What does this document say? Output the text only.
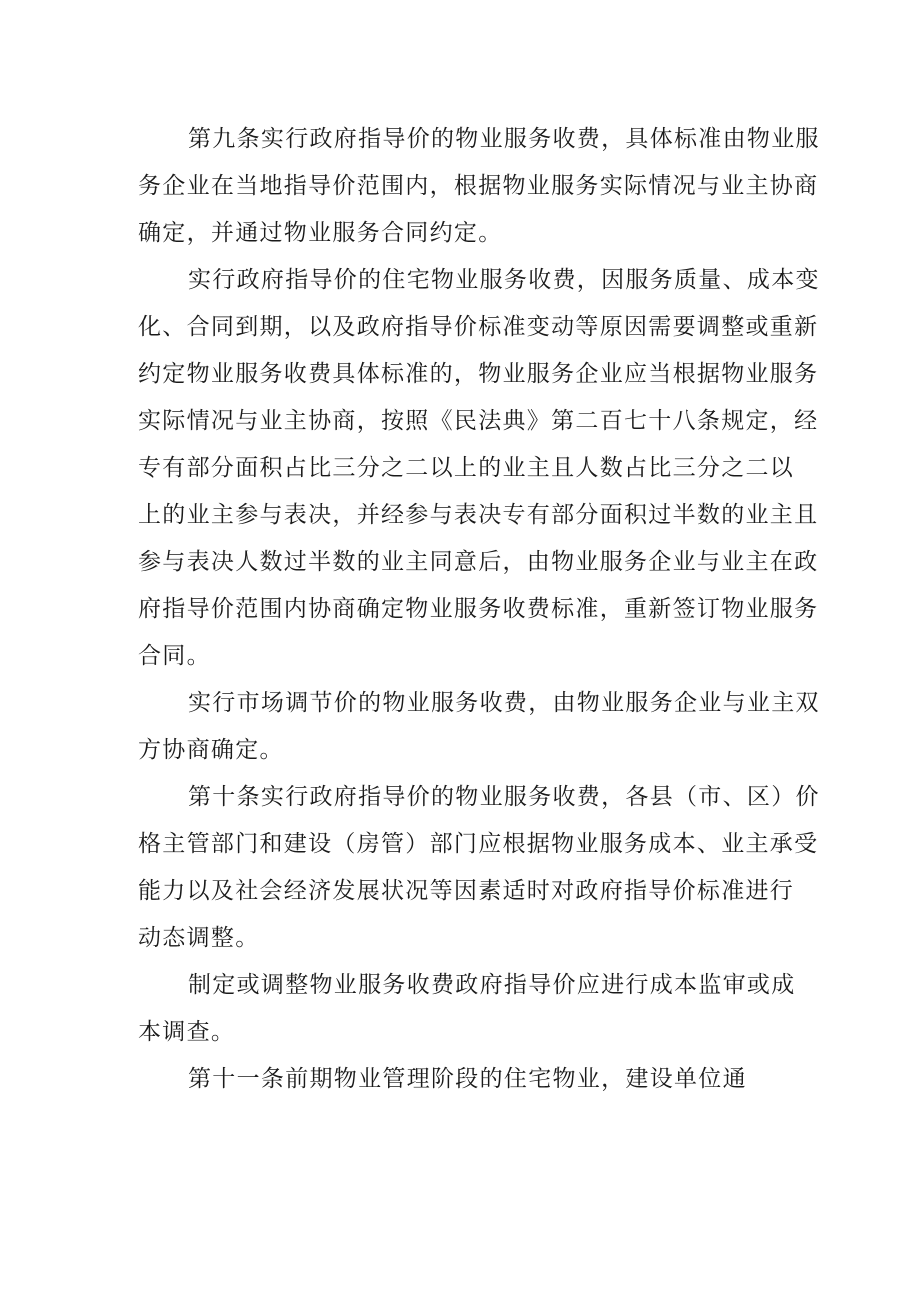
第九条实行政府指导价的物业服务收费，具体标准由物业服
务企业在当地指导价范围内，根据物业服务实际情况与业主协商
确定，并通过物业服务合同约定。
实行政府指导价的住宅物业服务收费，因服务质量、成本变
化、合同到期，以及政府指导价标准变动等原因需要调整或重新
约定物业服务收费具体标准的，物业服务企业应当根据物业服务
实际情况与业主协商，按照《民法典》第二百七十八条规定，经
专有部分面积占比三分之二以上的业主且人数占比三分之二以
上的业主参与表决，并经参与表决专有部分面积过半数的业主且
参与表决人数过半数的业主同意后，由物业服务企业与业主在政
府指导价范围内协商确定物业服务收费标准，重新签订物业服务
合同。
实行市场调节价的物业服务收费，由物业服务企业与业主双
方协商确定。
第十条实行政府指导价的物业服务收费，各县（市、区）价
格主管部门和建设（房管）部门应根据物业服务成本、业主承受
能力以及社会经济发展状况等因素适时对政府指导价标准进行
动态调整。
制定或调整物业服务收费政府指导价应进行成本监审或成
本调查。
第十一条前期物业管理阶段的住宅物业，建设单位通
